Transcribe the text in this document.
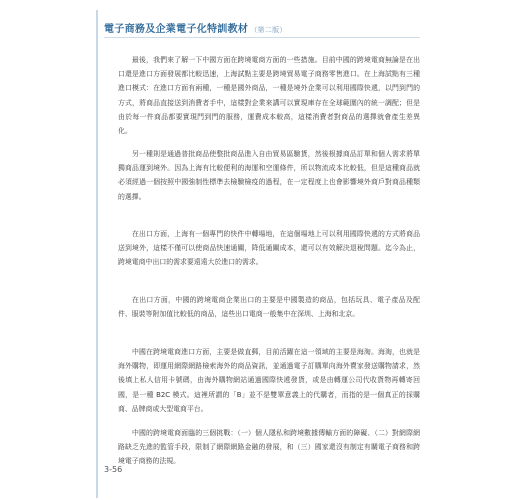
電子商務及企業電子化特訓教材 （第二版）

最後，我們來了解一下中國方面在跨境電商方面的一些措施。目前中國的跨境電商無論是在出口還是進口方面發展都比較迅速，上海試點主要是跨境貿易電子商務零售進口。在上海試點有三種進口模式：在進口方面有兩種，一種是國外商品，一種是境外企業可以利用國際快遞，以門到門的方式，將商品直接送到消費者手中，這樣對企業來講可以實現庫存在全球範圍內的統一調配；但是由於每一件商品都要實現門到門的服務，運費成本較高，這樣消費者對商品的選擇就會產生差異化。

另一種則是通過普批商品使整批商品進入自由貿易區驗貨，然後根據商品訂單和個人需求將單獨商品運到境外。因為上海有比較便利的海運和空運條件，所以物流成本比較低，但是這種商品就必須經過一個按照中國強制性標準去檢驗檢疫的過程，在一定程度上也會影響境外商戶對商品種類的選擇。

在出口方面，上海有一個專門的快件中轉場地，在這個場地上可以利用國際快遞的方式將商品送到境外，這樣不僅可以使商品快速通關，降低通關成本，還可以有效解決退稅問題。迄今為止，跨境電商中出口的需求要遠遠大於進口的需求。

在出口方面，中國的跨境電商企業出口的主要是中國製造的商品，包括玩具、電子產品及配件、服裝等附加值比較低的商品，這些出口電商一般集中在深圳、上海和北京。

中國在跨境電商進口方面，主要是做直郵，目前活躍在這一領域的主要是海淘。海淘，也就是海外購物，即運用網際網路檢索海外的商品資訊，並通過電子訂購單向海外賣家發送購物請求，然後填上私人信用卡號碼，由海外購物網站通過國際快遞發貨，或是由轉運公司代收貨物再轉寄回國，是一種 B2C 模式。這裡所謂的「B」並不是雙單意義上的代購者，而指的是一個真正的採購商、品牌商或大型電商平台。

中國的跨境電商面臨的三個挑戰：（一）個人隱私和跨境數據傳輸方面的障礙、（二）對網際網路缺乏先進的監管手段，限制了網際網路金融的發展，和（三）國家還沒有制定有關電子商務和跨境電子商務的法規。

3-56
